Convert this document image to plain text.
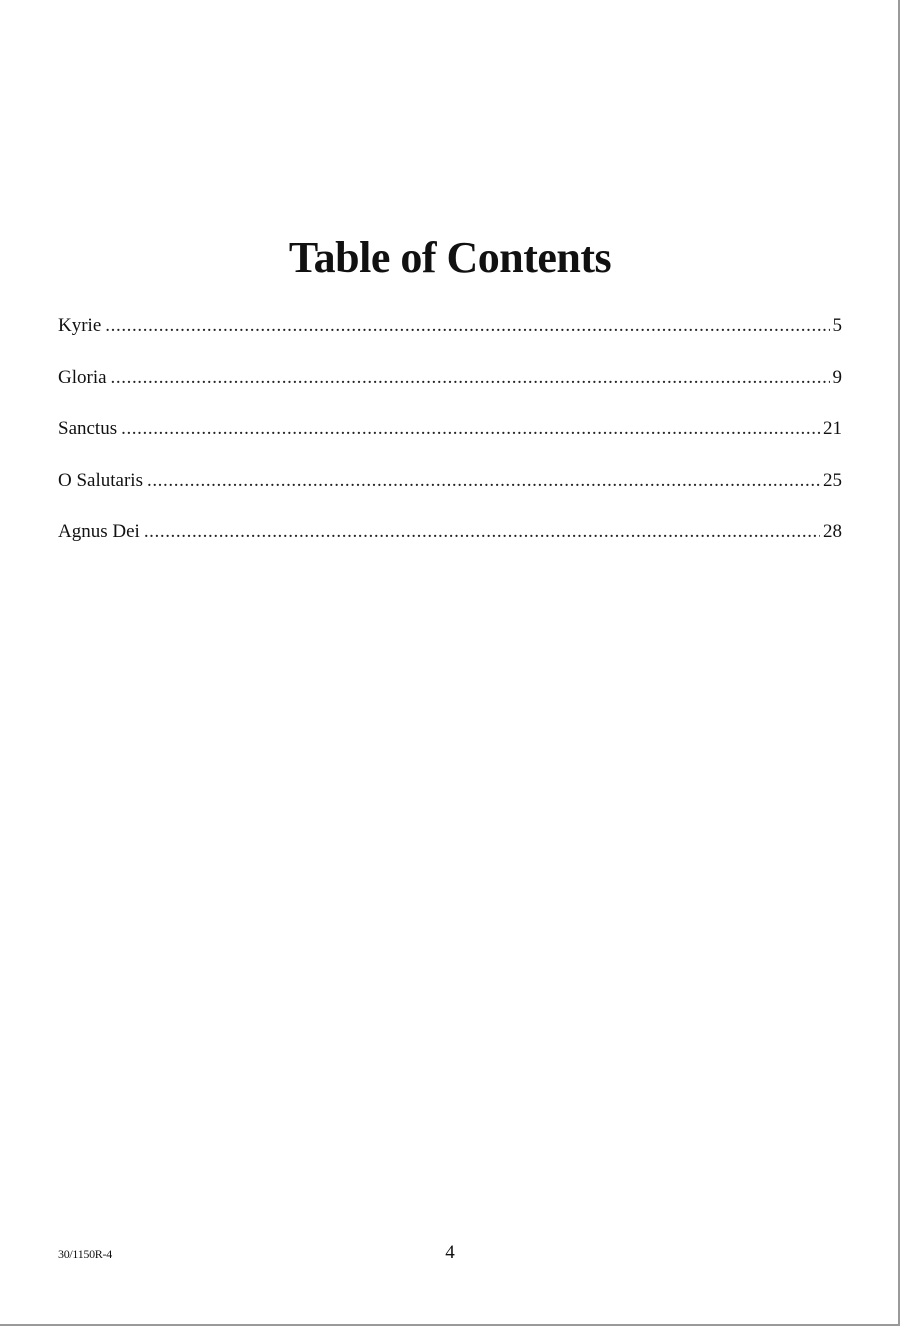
Table of Contents
Kyrie .....	5
Gloria .....	9
Sanctus .....	21
O Salutaris .....	25
Agnus Dei .....	28
30/1150R-4	4
